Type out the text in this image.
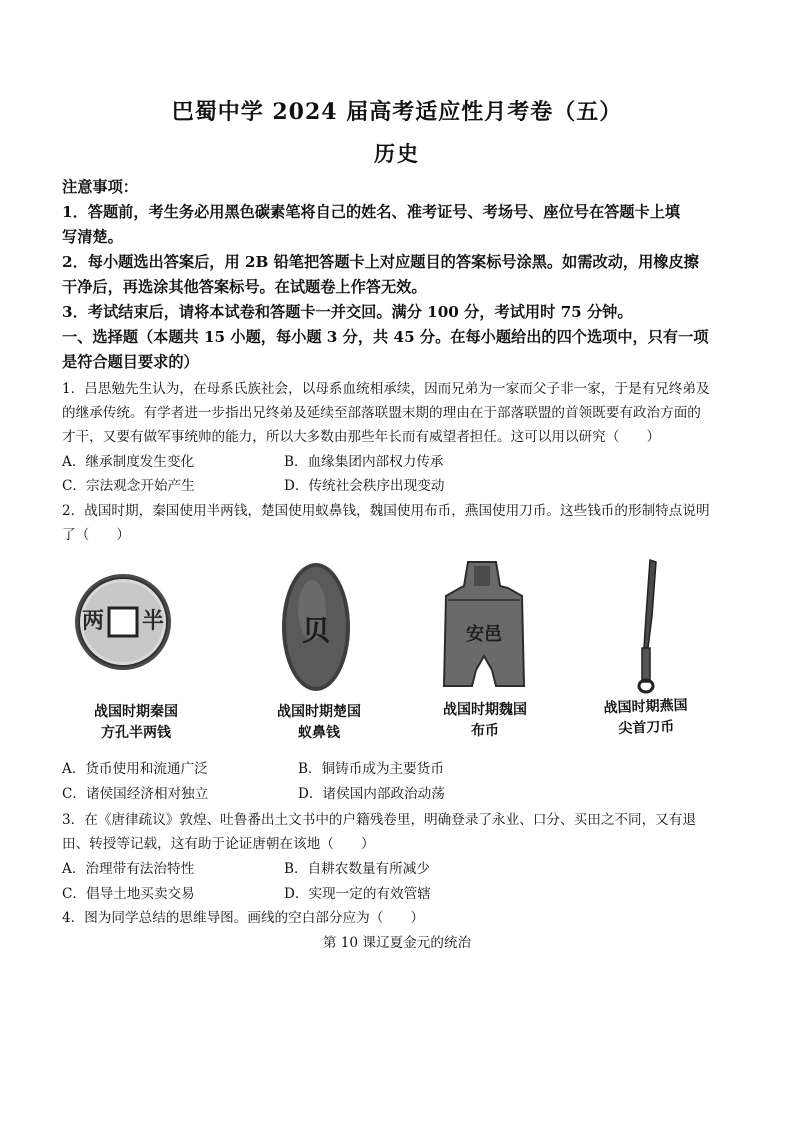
巴蜀中学 2024 届高考适应性月考卷（五）
历史
注意事项：
1．答题前，考生务必用黑色碳素笔将自己的姓名、准考证号、考场号、座位号在答题卡上填
写清楚。
2．每小题选出答案后，用 2B 铅笔把答题卡上对应题目的答案标号涂黑。如需改动，用橡皮擦
干净后，再选涂其他答案标号。在试题卷上作答无效。
3．考试结束后，请将本试卷和答题卡一并交回。满分 100 分，考试用时 75 分钟。
一、选择题（本题共 15 小题，每小题 3 分，共 45 分。在每小题给出的四个选项中，只有一项
是符合题目要求的）
1．吕思勉先生认为，在母系氏族社会，以母系血统相承续，因而兄弟为一家而父子非一家，于是有兄终弟及
的继承传统。有学者进一步指出兄终弟及延续至部落联盟末期的理由在于部落联盟的首领既要有政治方面的
才干，又要有做军事统帅的能力，所以大多数由那些年长而有威望者担任。这可以用以研究（　　）
A．继承制度发生变化	B．血缘集团内部权力传承
C．宗法观念开始产生	D．传统社会秩序出现变动
2．战国时期，秦国使用半两钱，楚国使用蚁鼻钱，魏国使用布币，燕国使用刀币。这些钱币的形制特点说明
了（　　）
半
两	贝	安邑
战国时期秦国
方孔半两钱
战国时期楚国
蚁鼻钱
战国时期魏国
布币
战国时期燕国
尖首刀币
A．货币使用和流通广泛	B．铜铸币成为主要货币
C．诸侯国经济相对独立	D．诸侯国内部政治动荡
3．在《唐律疏议》敦煌、吐鲁番出土文书中的户籍残卷里，明确登录了永业、口分、买田之不同，又有退
田、转授等记载，这有助于论证唐朝在该地（　　）
A．治理带有法治特性	B．自耕农数量有所减少
C．倡导土地买卖交易	D．实现一定的有效管辖
4．图为同学总结的思维导图。画线的空白部分应为（　　）
第 10 课辽夏金元的统治
